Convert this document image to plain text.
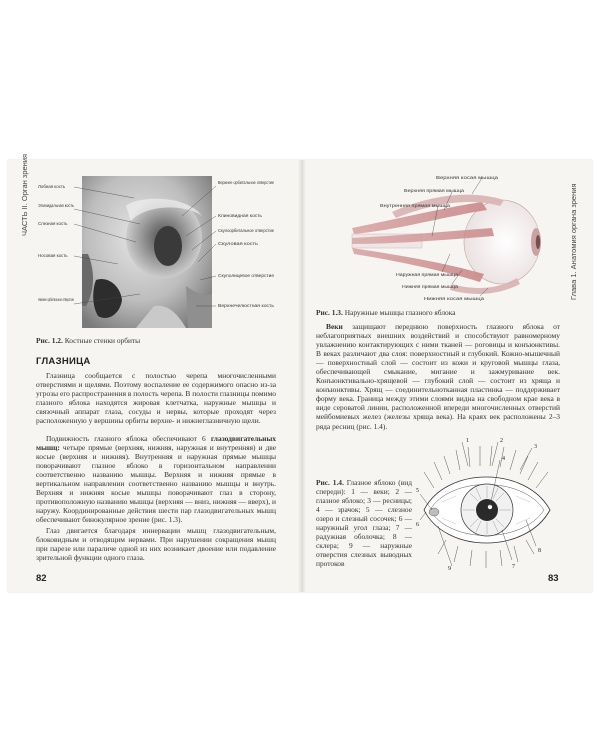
ЧАСТЬ II. Орган зрения Лобная кость
Этмоидальная кость
Слезная кость
Носовая кость
Нижнее орбитальное отверстие
Верхнее орбитальное отверстие
Клиновидная кость
Скулоорбитальное отверстие
Скуловая кость
Скулолицевое отверстие
Верхнечелюстная кость
Рис. 1.2. Костные стенки орбиты
ГЛАЗНИЦА
Глазница сообщается с полостью черепа многочисленными отверстиями и щелями. Поэтому воспаление ее содержимого опасно из-за угрозы его распространения в полость черепа. В полости глазницы помимо глазного яблока находятся жировая клетчатка, наружные мышцы и связочный аппарат глаза, сосуды и нервы, которые проходят через расположенную у вершины орбиты верхне- и нижнеглазничную щели.
Подвижность глазного яблока обеспечивают 6 глазодвигательных мышц: четыре прямые (верхняя, нижняя, наружная и внутренняя) и две косые (верхняя и нижняя). Внутренняя и наружная прямые мышцы поворачивают глазное яблоко в горизонтальном направлении соответственно названию мышцы. Верхняя и нижняя прямые в вертикальном направлении соответственно названию мышцы и внутрь. Верхняя и нижняя косые мышцы поворачивают глаз в сторону, противоположную названию мышцы (верхняя — вниз, нижняя — вверх), и наружу. Координированные действия шести пар глазодвигательных мышц обеспечивают бинокулярное зрение (рис. 1.3).
Глаз двигается благодаря иннервации мышц глазодвигательным, блоковидным и отводящим нервами. При нарушении сокращения мышц при парезе или параличе одной из них возникает двоение или подавление зрительной функции одного глаза.
82
Глава 1. Анатомия органа зрения
Верхняя косая мышца
Верхняя прямая мышца
Внутренняя прямая мышца
Наружная прямая мышца
Нижняя прямая мышца
Нижняя косая мышца
Рис. 1.3. Наружные мышцы глазного яблока
Веки защищают переднюю поверхность глазного яблока от неблагоприятных внешних воздействий и способствуют равномерному увлажнению контактирующих с ними тканей — роговицы и конъюнктивы. В веках различают два слоя: поверхностный и глубокий. Кожно-мышечный — поверхностный слой — состоит из кожи и круговой мышцы глаза, обеспечивающей смыкание, мигание и зажмуривание век. Конъюнктивально-хрящевой — глубокий слой — состоит из хряща и конъюнктивы. Хрящ — соединительнотканная пластинка — поддерживает форму века. Граница между этими слоями видна на свободном крае века в виде сероватой линии, расположенной впереди многочисленных отверстий мейбомиевых желез (железы хряща века). На краях век расположены 2–3 ряда ресниц (рис. 1.4).
1	2
3
4
5
6
7
8
9
Рис. 1.4. Глазное яблоко (вид спереди): 1 — веки; 2 — глазное яблоко; 3 — ресницы; 4 — зрачок; 5 — слезное озеро и слезный сосочек; 6 — наружный угол глаза; 7 — радужная оболочка; 8 — склера; 9 — наружные отверстия слезных выводных протоков
83
